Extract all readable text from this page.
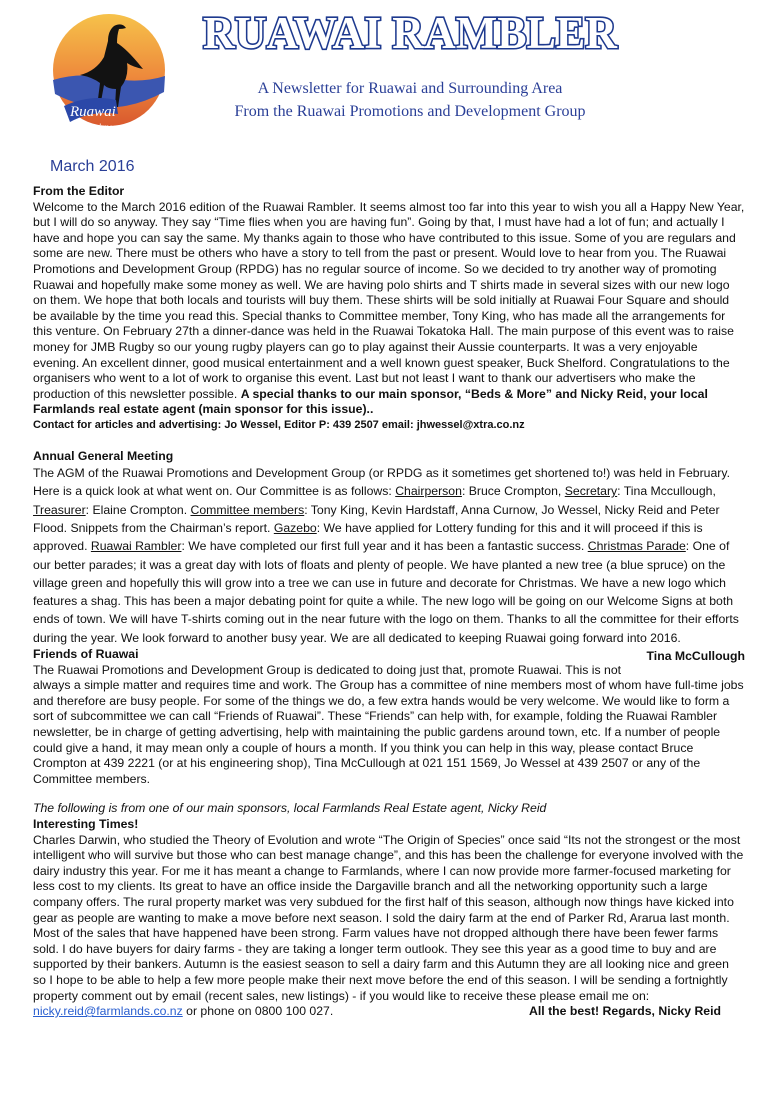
Ruawai
wairua
March 2016
RUAWAI RAMBLER
A Newsletter for Ruawai and Surrounding Area
From the Ruawai Promotions and Development Group

From the Editor

Welcome to the March 2016 edition of the Ruawai Rambler. It seems almost too far into this year to wish you all a Happy New Year, but I will do so anyway. They say “Time flies when you are having fun”. Going by that, I must have had a lot of fun; and actually I have and hope you can say the same. My thanks again to those who have contributed to this issue. Some of you are regulars and some are new. There must be others who have a story to tell from the past or present. Would love to hear from you. The Ruawai Promotions and Development Group (RPDG) has no regular source of income. So we decided to try another way of promoting Ruawai and hopefully make some money as well. We are having polo shirts and T shirts made in several sizes with our new logo on them. We hope that both locals and tourists will buy them. These shirts will be sold initially at Ruawai Four Square and should be available by the time you read this. Special thanks to Committee member, Tony King, who has made all the arrangements for this venture. On February 27th a dinner-dance was held in the Ruawai Tokatoka Hall. The main purpose of this event was to raise money for JMB Rugby so our young rugby players can go to play against their Aussie counterparts. It was a very enjoyable evening. An excellent dinner, good musical entertainment and a well known guest speaker, Buck Shelford. Congratulations to the organisers who went to a lot of work to organise this event. Last but not least I want to thank our advertisers who make the production of this newsletter possible. A special thanks to our main sponsor, “Beds & More” and Nicky Reid, your local Farmlands real estate agent (main sponsor for this issue)..

Contact for articles and advertising: Jo Wessel, Editor P: 439 2507 email: jhwessel@xtra.co.nz

Annual General Meeting

The AGM of the Ruawai Promotions and Development Group (or RPDG as it sometimes get shortened to!) was held in February. Here is a quick look at what went on. Our Committee is as follows: Chairperson: Bruce Crompton, Secretary: Tina Mccullough, Treasurer: Elaine Crompton. Committee members: Tony King, Kevin Hardstaff, Anna Curnow, Jo Wessel, Nicky Reid and Peter Flood. Snippets from the Chairman’s report. Gazebo: We have applied for Lottery funding for this and it will proceed if this is approved. Ruawai Rambler: We have completed our first full year and it has been a fantastic success. Christmas Parade: One of our better parades; it was a great day with lots of floats and plenty of people. We have planted a new tree (a blue spruce) on the village green and hopefully this will grow into a tree we can use in future and decorate for Christmas. We have a new logo which features a shag. This has been a major debating point for quite a while. The new logo will be going on our Welcome Signs at both ends of town. We will have T-shirts coming out in the near future with the logo on them. Thanks to all the committee for their efforts during the year. We look forward to another busy year. We are all dedicated to keeping Ruawai going forward into 2016.
Tina McCullough

Friends of Ruawai

The Ruawai Promotions and Development Group is dedicated to doing just that, promote Ruawai. This is not always a simple matter and requires time and work. The Group has a committee of nine members most of whom have full-time jobs and therefore are busy people. For some of the things we do, a few extra hands would be very welcome. We would like to form a sort of subcommittee we can call “Friends of Ruawai”. These “Friends” can help with, for example, folding the Ruawai Rambler newsletter, be in charge of getting advertising, help with maintaining the public gardens around town, etc. If a number of people could give a hand, it may mean only a couple of hours a month. If you think you can help in this way, please contact Bruce Crompton at 439 2221 (or at his engineering shop), Tina McCullough at 021 151 1569, Jo Wessel at 439 2507 or any of the Committee members.

The following is from one of our main sponsors, local Farmlands Real Estate agent, Nicky Reid

Interesting Times!

Charles Darwin, who studied the Theory of Evolution and wrote “The Origin of Species” once said “Its not the strongest or the most intelligent who will survive but those who can best manage change”, and this has been the challenge for everyone involved with the dairy industry this year. For me it has meant a change to Farmlands, where I can now provide more farmer-focused marketing for less cost to my clients. Its great to have an office inside the Dargaville branch and all the networking opportunity such a large company offers. The rural property market was very subdued for the first half of this season, although now things have kicked into gear as people are wanting to make a move before next season. I sold the dairy farm at the end of Parker Rd, Ararua last month. Most of the sales that have happened have been strong. Farm values have not dropped although there have been fewer farms sold. I do have buyers for dairy farms - they are taking a longer term outlook. They see this year as a good time to buy and are supported by their bankers. Autumn is the easiest season to sell a dairy farm and this Autumn they are all looking nice and green so I hope to be able to help a few more people make their next move before the end of this season. I will be sending a fortnightly property comment out by email (recent sales, new listings) - if you would like to receive these please email me on:

nicky.reid@farmlands.co.nz or phone on 0800 100 027.	All the best! Regards, Nicky Reid
